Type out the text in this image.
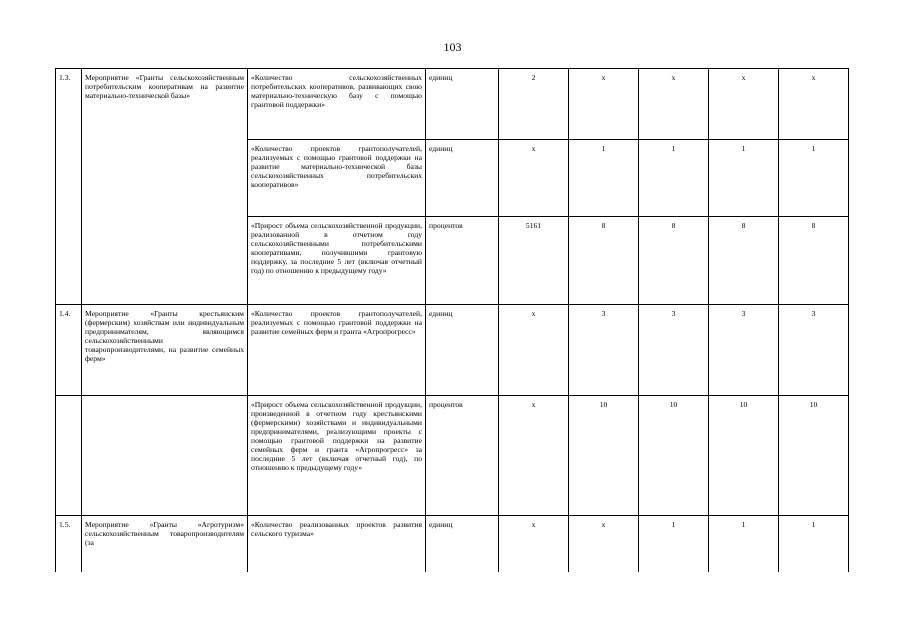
103
1.3.	Мероприятие «Гранты сельскохозяйственным потребительским кооперативам на развитие материально-технической базы»	«Количество сельскохозяйственных потребительских кооперативов, развивающих свою материально-техническую базу с помощью грантовой поддержки»	единиц	2	х	х	х	х
		«Количество проектов грантополучателей, реализуемых с помощью грантовой поддержки на развитие материально-технической базы сельскохозяйственных потребительских кооперативов»	единиц	х	1	1	1	1
		«Прирост объема сельскохозяйственной продукции, реализованной в отчетном году сельскохозяйственными потребительскими кооперативами, получившими грантовую поддержку, за последние 5 лет (включая отчетный год) по отношению к предыдущему году»	процентов	5161	8	8	8	8
1.4.	Мероприятие «Гранты крестьянским (фермерским) хозяйствам или индивидуальным предпринимателям, являющимся сельскохозяйственными товаропроизводителями, на развитие семейных ферм»	«Количество проектов грантополучателей, реализуемых с помощью грантовой поддержки на развитие семейных ферм и гранта «Агропрогресс»	единиц	х	3	3	3	3
		«Прирост объема сельскохозяйственной продукции, произведенной в отчетном году крестьянскими (фермерскими) хозяйствами и индивидуальными предпринимателями, реализующими проекты с помощью грантовой поддержки на развитие семейных ферм и гранта «Агропрогресс» за последние 5 лет (включая отчетный год), по отношению к предыдущему году»	процентов	х	10	10	10	10
1.5.	Мероприятие «Гранты «Агротуризм» сельскохозяйственным товаропроизводителям (за	«Количество реализованных проектов развития сельского туризма»	единиц	х	х	1	1	1
